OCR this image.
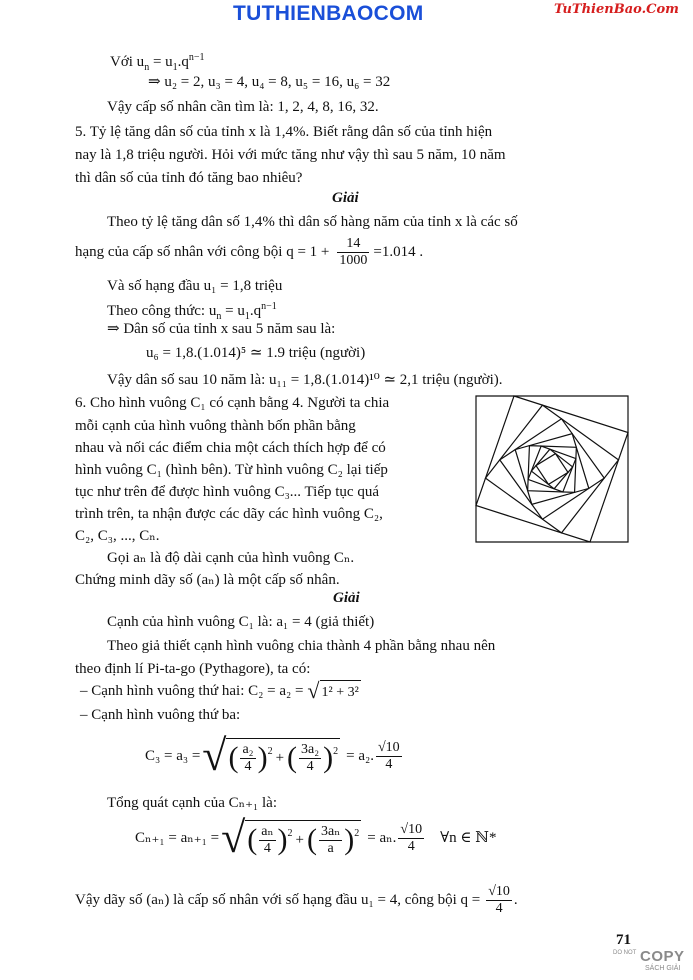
TUTHIENBAOCOM	TuThienBao.Com
Với $u_n = u_1.q^{n-1}$
⇒ u₂ = 2, u₃ = 4, u₄ = 8, u₅ = 16, u₆ = 32
Vậy cấp số nhân cần tìm là: 1, 2, 4, 8, 16, 32.
5. Tỷ lệ tăng dân số của tỉnh x là 1,4%. Biết rằng dân số của tỉnh hiện
nay là 1,8 triệu người. Hỏi với mức tăng như vậy thì sau 5 năm, 10 năm
thì dân số của tỉnh đó tăng bao nhiêu?
Giải
Theo tỷ lệ tăng dân số 1,4% thì dân số hàng năm của tỉnh x là các số
hạng của cấp số nhân với công bội $q = 1 + \frac{14}{1000} =1.014$ .
Và số hạng đầu u₁ = 1,8 triệu
Theo công thức: $u_n = u_1.q^{n-1}$
⇒ Dân số của tỉnh x sau 5 năm sau là:
u₆ = 1,8.(1.014)⁵ ≃ 1.9 triệu (người)
Vậy dân số sau 10 năm là: u₁₁ = 1,8.(1.014)¹⁰ ≃ 2,1 triệu (người).
6. Cho hình vuông C₁ có cạnh bằng 4. Người ta chia
mỗi cạnh của hình vuông thành bốn phần bằng
nhau và nối các điểm chia một cách thích hợp để có
hình vuông C₁ (hình bên). Từ hình vuông C₂ lại tiếp
tục như trên để được hình vuông C₃... Tiếp tục quá
trình trên, ta nhận được các dãy các hình vuông C₂,
C₂, C₃, ..., Cₙ.
Gọi aₙ là độ dài cạnh của hình vuông Cₙ.
Chứng minh dãy số (aₙ) là một cấp số nhân.
Giải
Cạnh của hình vuông C₁ là: a₁ = 4 (giả thiết)
Theo giả thiết cạnh hình vuông chia thành 4 phần bằng nhau nên
theo định lí Pi-ta-go (Pythagore), ta có:
– Cạnh hình vuông thứ hai: C₂ = a₂ = √ 1² + 3²
– Cạnh hình vuông thứ ba:
C₃ = a₃ = √ ( $\frac{\text{a₂}}{4} )^2$ + ( $\frac{\text{3a₂}}{4} )^2 = a_2$. $\frac{√10}{4}$
Tổng quát cạnh của Cₙ₊₁ là:
Cₙ₊₁ = aₙ₊₁ = √ ( $\frac{\text{aₙ}}{4} )^2$ + ( $\frac{\text{3aₙ}}{a} )^2 = a_n$. $\frac{√10}{4}$ ∀n ∈ ℕ*
Vậy dãy số (aₙ) là cấp số nhân với số hạng đầu u₁ = 4, công bội $q = \frac{√10}{4}$ .
71
DO NOT COPY
SÁCH GIẢI
